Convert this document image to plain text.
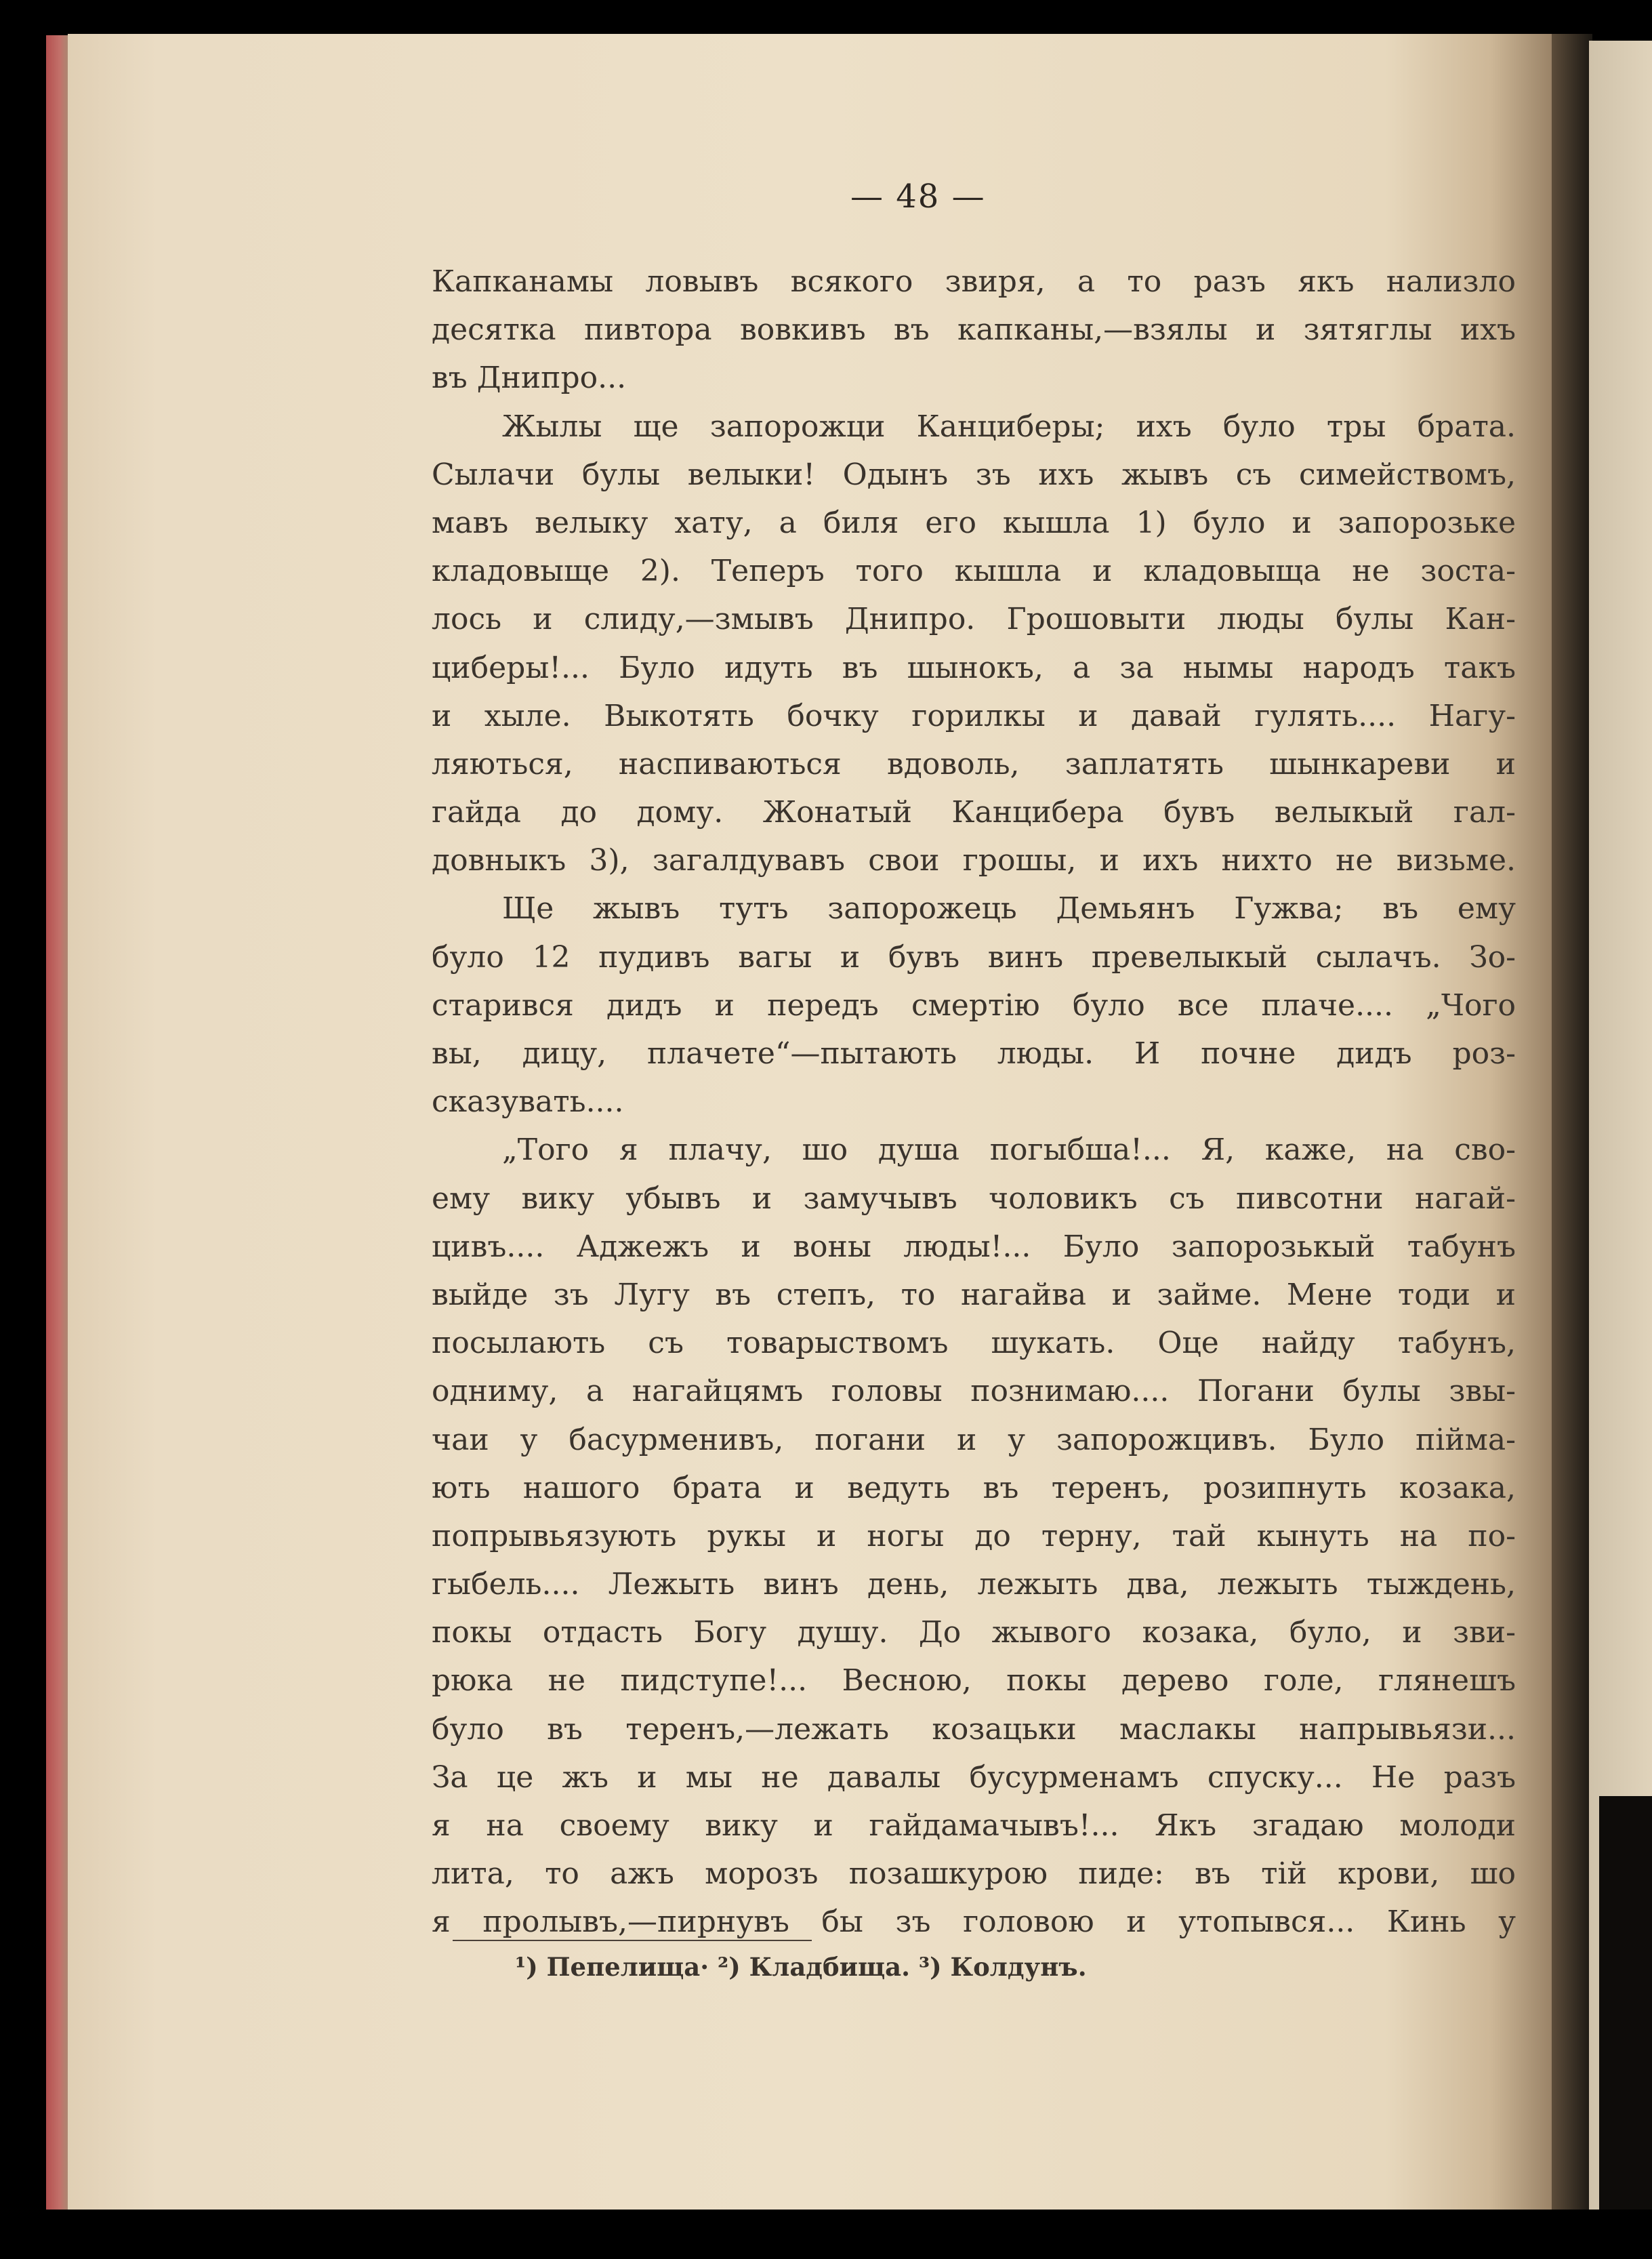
— 48 —
Капканамы ловывъ всякого звиря, а то разъ якъ нализло
десятка пивтора вовкивъ въ капканы,—взялы и зятяглы ихъ
въ Днипро...
Жылы ще запорожци Канциберы; ихъ було тры брата.
Сылачи булы велыки! Одынъ зъ ихъ жывъ съ симействомъ,
мавъ велыку хату, а биля его кышла 1) було и запорозьке
кладовыще 2). Теперъ того кышла и кладовыща не зоста-
лось и слиду,—змывъ Днипро. Грошовыти люды булы Кан-
циберы!... Було идуть въ шынокъ, а за нымы народъ такъ
и хыле. Выкотять бочку горилкы и давай гулять.... Нагу-
ляються, наспиваються вдоволь, заплатять шынкареви и
гайда до дому. Жонатый Канцибера бувъ велыкый гал-
довныкъ 3), загалдувавъ свои грошы, и ихъ нихто не визьме.
Ще жывъ тутъ запорожець Демьянъ Гужва; въ ему
було 12 пудивъ вагы и бувъ винъ превелыкый сылачъ. Зо-
старився дидъ и передъ смертію було все плаче.... „Чого
вы, дицу, плачете“—пытають люды. И почне дидъ роз-
сказувать....
„Того я плачу, шо душа погыбша!... Я, каже, на сво-
ему вику убывъ и замучывъ чоловикъ съ пивсотни нагай-
цивъ.... Аджежъ и воны люды!... Було запорозькый табунъ
выйде зъ Лугу въ степъ, то нагайва и займе. Мене тоди и
посылають съ товарыствомъ шукать. Оце найду табунъ,
одниму, а нагайцямъ головы познимаю.... Погани булы звы-
чаи у басурменивъ, погани и у запорожцивъ. Було пійма-
ють нашого брата и ведуть въ теренъ, розипнуть козака,
попрывьязують рукы и ногы до терну, тай кынуть на по-
гыбель.... Лежыть винъ день, лежыть два, лежыть тыждень,
покы отдасть Богу душу. До жывого козака, було, и зви-
рюка не пидступе!... Весною, покы дерево голе, глянешъ
було въ теренъ,—лежать козацьки маслакы напрывьязи...
За це жъ и мы не давалы бусурменамъ спуску... Не разъ
я на своему вику и гайдамачывъ!... Якъ згадаю молоди
лита, то ажъ морозъ позашкурою пиде: въ тій крови, шо
я пролывъ,—пирнувъ бы зъ головою и утопывся... Кинь у
¹) Пепелища· ²) Кладбища. ³) Колдунъ.
